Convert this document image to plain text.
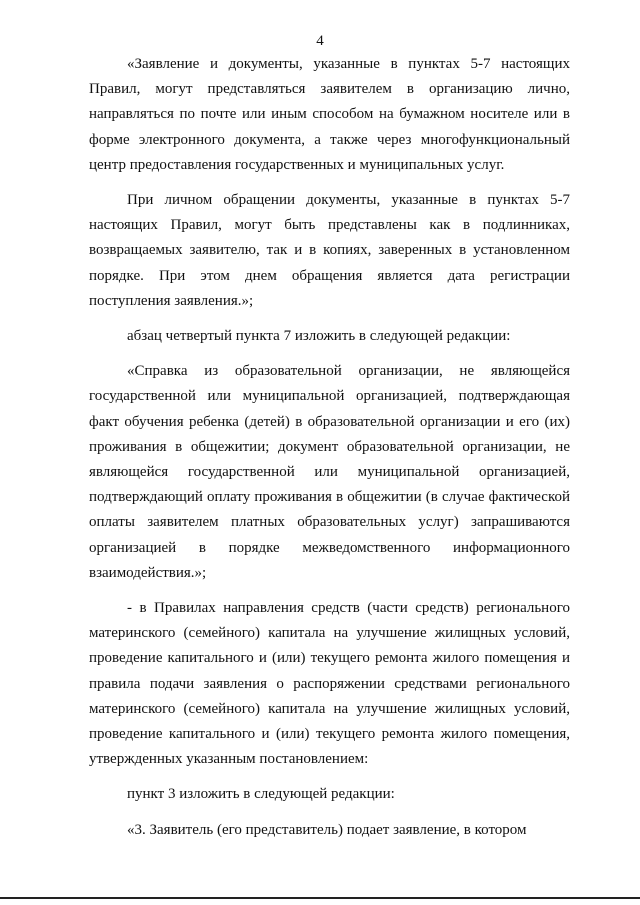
4

«Заявление и документы, указанные в пунктах 5-7 настоящих Правил, могут представляться заявителем в организацию лично, направляться по почте или иным способом на бумажном носителе или в форме электронного документа, а также через многофункциональный центр предоставления государственных и муниципальных услуг.

При личном обращении документы, указанные в пунктах 5-7 настоящих Правил, могут быть представлены как в подлинниках, возвращаемых заявителю, так и в копиях, заверенных в установленном порядке. При этом днем обращения является дата регистрации поступления заявления.»;

абзац четвертый пункта 7 изложить в следующей редакции:

«Справка из образовательной организации, не являющейся государственной или муниципальной организацией, подтверждающая факт обучения ребенка (детей) в образовательной организации и его (их) проживания в общежитии; документ образовательной организации, не являющейся государственной или муниципальной организацией, подтверждающий оплату проживания в общежитии (в случае фактической оплаты заявителем платных образовательных услуг) запрашиваются организацией в порядке межведомственного информационного взаимодействия.»;

- в Правилах направления средств (части средств) регионального материнского (семейного) капитала на улучшение жилищных условий, проведение капитального и (или) текущего ремонта жилого помещения и правила подачи заявления о распоряжении средствами регионального материнского (семейного) капитала на улучшение жилищных условий, проведение капитального и (или) текущего ремонта жилого помещения, утвержденных указанным постановлением:

пункт 3 изложить в следующей редакции:

«3. Заявитель (его представитель) подает заявление, в котором
